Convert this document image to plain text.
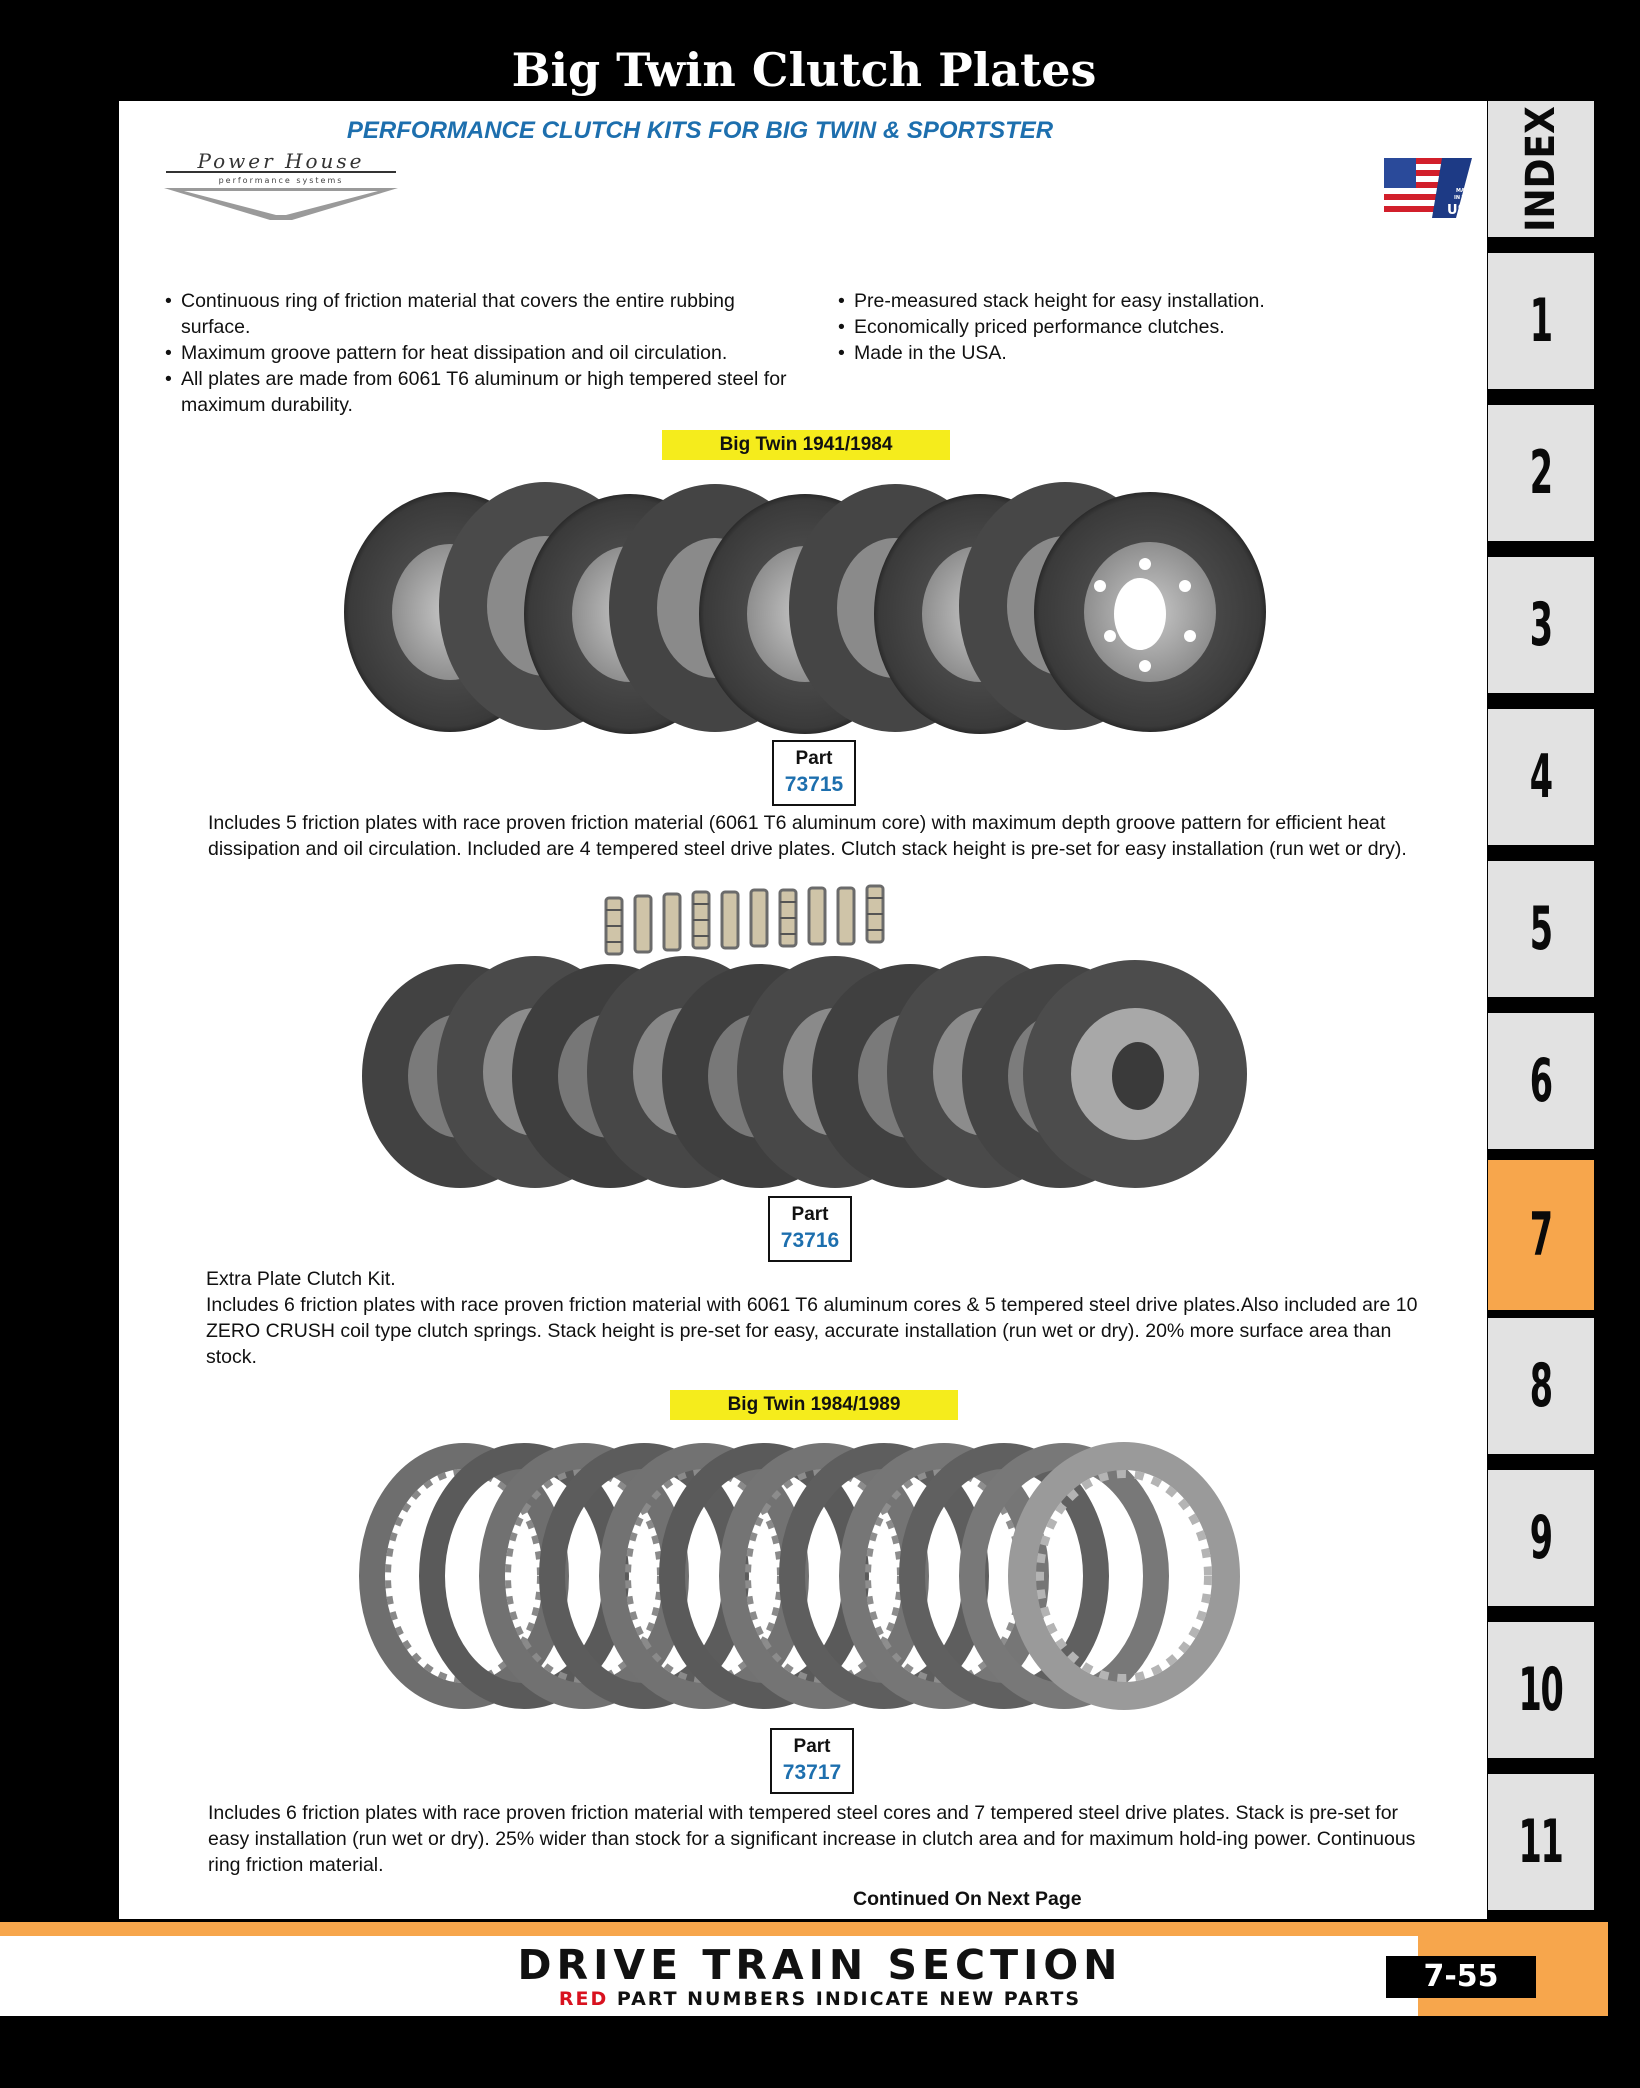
Big Twin Clutch Plates
PERFORMANCE CLUTCH KITS FOR BIG TWIN & SPORTSTER
Power House
performance systems
MADE
IN THE
USA
• Continuous ring of friction material that covers the entire rubbing surface.
• Maximum groove pattern for heat dissipation and oil circulation.
• All plates are made from 6061 T6 aluminum or high tempered steel for maximum durability.
• Pre-measured stack height for easy installation.
• Economically priced performance clutches.
• Made in the USA.
Big Twin 1941/1984
Part
73715

Includes 5 friction plates with race proven friction material (6061 T6 aluminum core) with maximum depth groove pattern for efficient heat dissipation and oil circulation. Included are 4 tempered steel drive plates. Clutch stack height is pre-set for easy installation (run wet or dry).

Part
73716

Extra Plate Clutch Kit.

Includes 6 friction plates with race proven friction material with 6061 T6 aluminum cores & 5 tempered steel drive plates.Also included are 10 ZERO CRUSH coil type clutch springs. Stack height is pre-set for easy, accurate installation (run wet or dry). 20% more surface area than stock.

Big Twin 1984/1989
Part
73717

Includes 6 friction plates with race proven friction material with tempered steel cores and 7 tempered steel drive plates. Stack is pre-set for easy installation (run wet or dry). 25% wider than stock for a significant increase in clutch area and for maximum hold-ing power. Continuous ring friction material.

Continued On Next Page
INDEX
1
2
3
4
5
6
7
8
9
10
11
DRIVE TRAIN SECTION
RED PART NUMBERS INDICATE NEW PARTS
7-55
